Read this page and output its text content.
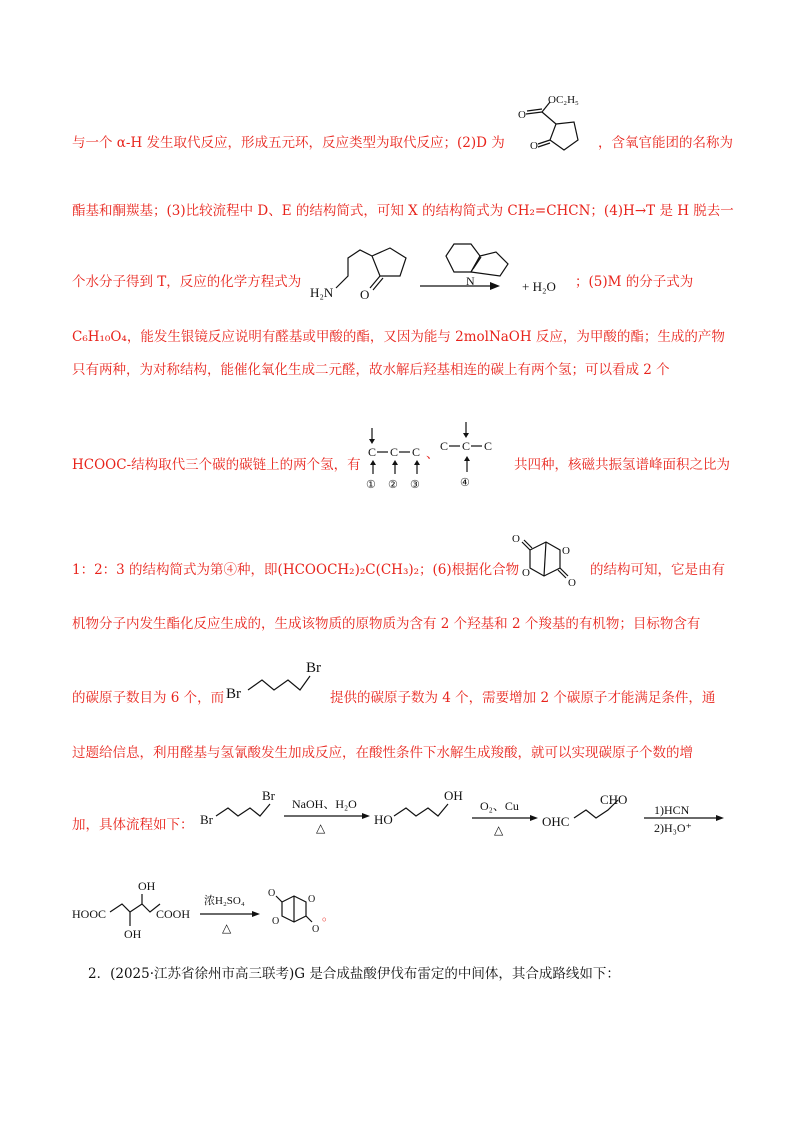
与一个 α-H 发生取代反应，形成五元环，反应类型为取代反应；(2)D 为	，含氧官能团的名称为
O
O
OC₂H₅
酯基和酮羰基；(3)比较流程中 D、E 的结构简式，可知 X 的结构简式为 CH₂=CHCN；(4)H→T 是 H 脱去一
个水分子得到 T，反应的化学方程式为
H₂N O
N	+ H₂O ；(5)M 的分子式为
C₆H₁₀O₄，能发生银镜反应说明有醛基或甲酸的酯，又因为能与 2molNaOH 反应，为甲酸的酯；生成的产物
只有两种，为对称结构，能催化氧化生成二元醛，故水解后羟基相连的碳上有两个氢；可以看成 2 个
HCOOC-结构取代三个碳的碳链上的两个氢，有
C C C
① ② ③
、 C C C
④
共四种，核磁共振氢谱峰面积之比为
1：2：3 的结构简式为第④种，即(HCOOCH₂)₂C(CH₃)₂；(6)根据化合物
O
O
O
O
的结构可知，它是由有
机物分子内发生酯化反应生成的，生成该物质的原物质为含有 2 个羟基和 2 个羧基的有机物；目标物含有
的碳原子数目为 6 个，而 Br
Br
提供的碳原子数为 4 个，需要增加 2 个碳原子才能满足条件，通
过题给信息，利用醛基与氢氰酸发生加成反应，在酸性条件下水解生成羧酸，就可以实现碳原子个数的增
加，具体流程如下： Br
Br
NaOH、H₂O
△
HO
OH
O₂、Cu
△
OHC
CHO
1)HCN
2)H₃O⁺
HOOC
OH
OH
COOH
浓H₂SO₄
△
O
O
O
O
。
2．(2025·江苏省徐州市高三联考)G 是合成盐酸伊伐布雷定的中间体，其合成路线如下：
